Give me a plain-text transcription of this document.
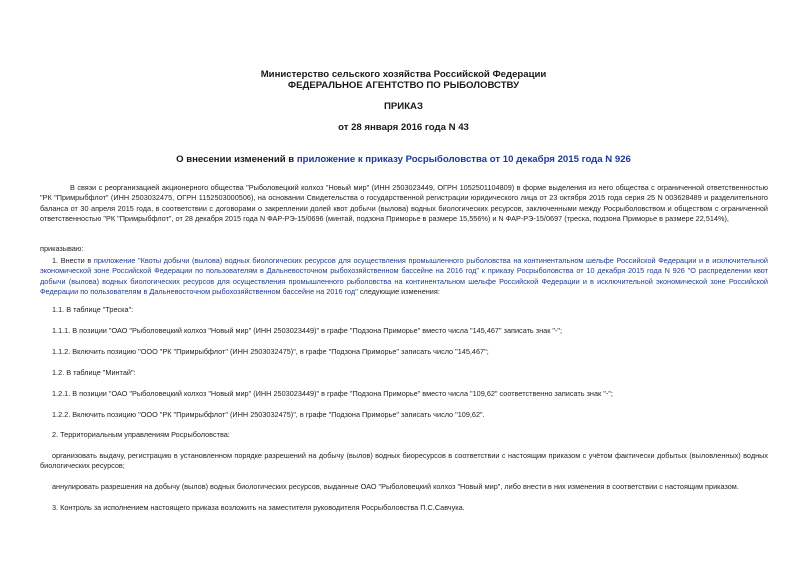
Министерство сельского хозяйства Российской Федерации
ФЕДЕРАЛЬНОЕ АГЕНТСТВО ПО РЫБОЛОВСТВУ
ПРИКАЗ
от 28 января 2016 года N 43
О внесении изменений в приложение к приказу Росрыболовства от 10 декабря 2015 года N 926
В связи с реорганизацией акционерного общества "Рыболовецкий колхоз "Новый мир" (ИНН 2503023449, ОГРН 1052501104809) в форме выделения из него общества с ограниченной ответственностью "РК "Примрыбфлот" (ИНН 2503032475, ОГРН 1152503000506), на основании Свидетельства о государственной регистрации юридического лица от 23 октября 2015 года серия 25 N 003628489 и разделительного баланса от 30 апреля 2015 года, в соответствии с договорами о закреплении долей квот добычи (вылова) водных биологических ресурсов, заключенными между Росрыболовством и обществом с ограниченной ответственностью "РК "Примрыбфлот", от 28 декабря 2015 года N ФАР-РЭ-15/0696 (минтай, подзона Приморье в размере 15,556%) и N ФАР-РЭ-15/0697 (треска, подзона Приморье в размере 22,514%),
приказываю:
1. Внести в приложение "Квоты добычи (вылова) водных биологических ресурсов для осуществления промышленного рыболовства на континентальном шельфе Российской Федерации и в исключительной экономической зоне Российской Федерации по пользователям в Дальневосточном рыбохозяйственном бассейне на 2016 год" к приказу Росрыболовства от 10 декабря 2015 года N 926 "О распределении квот добычи (вылова) водных биологических ресурсов для осуществления промышленного рыболовства на континентальном шельфе Российской Федерации и в исключительной экономической зоне Российской Федерации по пользователям в Дальневосточном рыбохозяйственном бассейне на 2016 год" следующие изменения:
1.1. В таблице "Треска":
1.1.1. В позиции "ОАО "Рыболовецкий колхоз "Новый мир" (ИНН 2503023449)" в графе "Подзона Приморье" вместо числа "145,467" записать знак "-";
1.1.2. Включить позицию "ООО "РК "Примрыбфлот" (ИНН 2503032475)", в графе "Подзона Приморье" записать число "145,467";
1.2. В таблице "Минтай":
1.2.1. В позиции "ОАО "Рыболовецкий колхоз "Новый мир" (ИНН 2503023449)" в графе "Подзона Приморье" вместо числа "109,62" соответственно записать знак "-";
1.2.2. Включить позицию "ООО "РК "Примрыбфлот" (ИНН 2503032475)", в графе "Подзона Приморье" записать число "109,62".
2. Территориальным управлениям Росрыболовства:
организовать выдачу, регистрацию в установленном порядке разрешений на добычу (вылов) водных биоресурсов в соответствии с настоящим приказом с учётом фактически добытых (выловленных) водных биологических ресурсов;
аннулировать разрешения на добычу (вылов) водных биологических ресурсов, выданные ОАО "Рыболовецкий колхоз "Новый мир", либо внести в них изменения в соответствии с настоящим приказом.
3. Контроль за исполнением настоящего приказа возложить на заместителя руководителя Росрыболовства П.С.Савчука.
